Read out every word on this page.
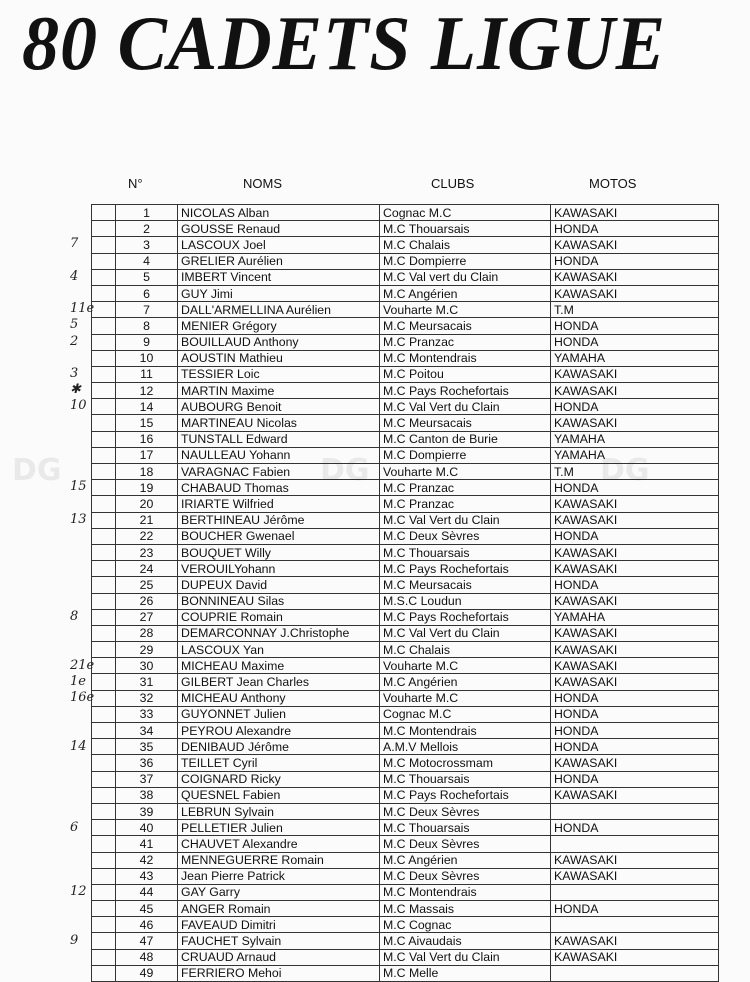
80 CADETS LIGUE
N°	NOMS	CLUBS	MOTOS
DG	DG	DG
	1	NICOLAS Alban	Cognac M.C	KAWASAKI
	2	GOUSSE Renaud	M.C Thouarsais	HONDA
	3	LASCOUX Joel	M.C Chalais	KAWASAKI
	4	GRELIER Aurélien	M.C Dompierre	HONDA
	5	IMBERT Vincent	M.C Val vert du Clain	KAWASAKI
	6	GUY Jimi	M.C Angérien	KAWASAKI
	7	DALL'ARMELLINA Aurélien	Vouharte M.C	T.M
	8	MENIER Grégory	M.C Meursacais	HONDA
	9	BOUILLAUD Anthony	M.C Pranzac	HONDA
	10	AOUSTIN Mathieu	M.C Montendrais	YAMAHA
	11	TESSIER Loic	M.C Poitou	KAWASAKI
	12	MARTIN Maxime	M.C Pays Rochefortais	KAWASAKI
	14	AUBOURG Benoit	M.C Val Vert du Clain	HONDA
	15	MARTINEAU Nicolas	M.C Meursacais	KAWASAKI
	16	TUNSTALL Edward	M.C Canton de Burie	YAMAHA
	17	NAULLEAU Yohann	M.C Dompierre	YAMAHA
	18	VARAGNAC Fabien	Vouharte M.C	T.M
	19	CHABAUD Thomas	M.C Pranzac	HONDA
	20	IRIARTE Wilfried	M.C Pranzac	KAWASAKI
	21	BERTHINEAU Jérôme	M.C Val Vert du Clain	KAWASAKI
	22	BOUCHER Gwenael	M.C Deux Sèvres	HONDA
	23	BOUQUET Willy	M.C Thouarsais	KAWASAKI
	24	VEROUILYohann	M.C Pays Rochefortais	KAWASAKI
	25	DUPEUX David	M.C Meursacais	HONDA
	26	BONNINEAU Silas	M.S.C Loudun	KAWASAKI
	27	COUPRIE Romain	M.C Pays Rochefortais	YAMAHA
	28	DEMARCONNAY J.Christophe	M.C Val Vert du Clain	KAWASAKI
	29	LASCOUX Yan	M.C Chalais	KAWASAKI
	30	MICHEAU Maxime	Vouharte M.C	KAWASAKI
	31	GILBERT Jean Charles	M.C Angérien	KAWASAKI
	32	MICHEAU Anthony	Vouharte M.C	HONDA
	33	GUYONNET Julien	Cognac M.C	HONDA
	34	PEYROU Alexandre	M.C Montendrais	HONDA
	35	DENIBAUD Jérôme	A.M.V Mellois	HONDA
	36	TEILLET Cyril	M.C Motocrossmam	KAWASAKI
	37	COIGNARD Ricky	M.C Thouarsais	HONDA
	38	QUESNEL Fabien	M.C Pays Rochefortais	KAWASAKI
	39	LEBRUN Sylvain	M.C Deux Sèvres	
	40	PELLETIER Julien	M.C Thouarsais	HONDA
	41	CHAUVET Alexandre	M.C Deux Sèvres	
	42	MENNEGUERRE Romain	M.C Angérien	KAWASAKI
	43	Jean Pierre Patrick	M.C Deux Sèvres	KAWASAKI
	44	GAY Garry	M.C Montendrais	
	45	ANGER Romain	M.C Massais	HONDA
	46	FAVEAUD Dimitri	M.C Cognac	
	47	FAUCHET Sylvain	M.C Aivaudais	KAWASAKI
	48	CRUAUD Arnaud	M.C Val Vert du Clain	KAWASAKI
	49	FERRIERO Mehoi	M.C Melle	
7
4
11e
5
2
3
✱
10
15
13
8
21e
1e
16e
14
6
12
9
